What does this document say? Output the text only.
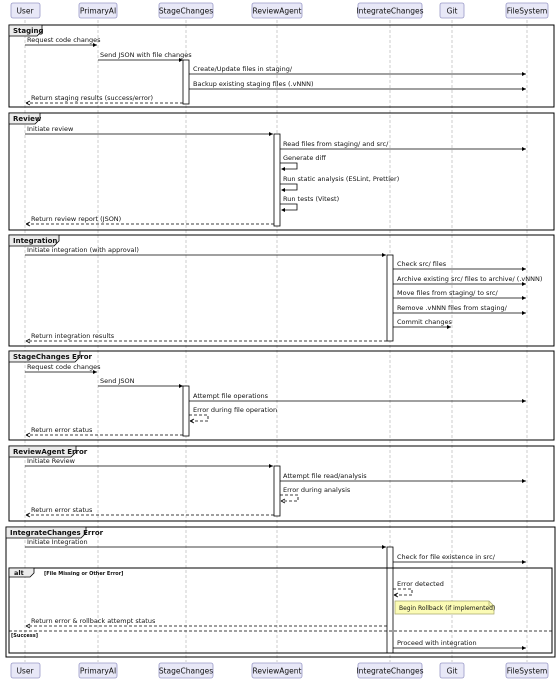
User	PrimaryAI	StageChanges	ReviewAgent	IntegrateChanges	Git	FileSystem
User	PrimaryAI	StageChanges	ReviewAgent	IntegrateChanges	Git	FileSystem
Staging
Request code changes
Send JSON with file changes
Create/Update files in staging/
Backup existing staging files (.vNNN)
Return staging results (success/error)
Review
Initiate review
Read files from staging/ and src/
Generate diff
Run static analysis (ESLint, Prettier)
Run tests (Vitest)
Return review report (JSON)
Integration
Initiate integration (with approval)
Check src/ files
Archive existing src/ files to archive/ (.vNNN)
Move files from staging/ to src/
Remove .vNNN files from staging/
Commit changes
Return integration results
StageChanges Error
Request code changes
Send JSON
Attempt file operations
Error during file operation
Return error status
ReviewAgent Error
Initiate Review
Attempt file read/analysis
Error during analysis
Return error status
IntegrateChanges Error
Initiate Integration
Check for file existence in src/
alt	[File Missing or Other Error]
Error detected
Begin Rollback (if implemented)
Return error & rollback attempt status
[Success]
Proceed with integration
